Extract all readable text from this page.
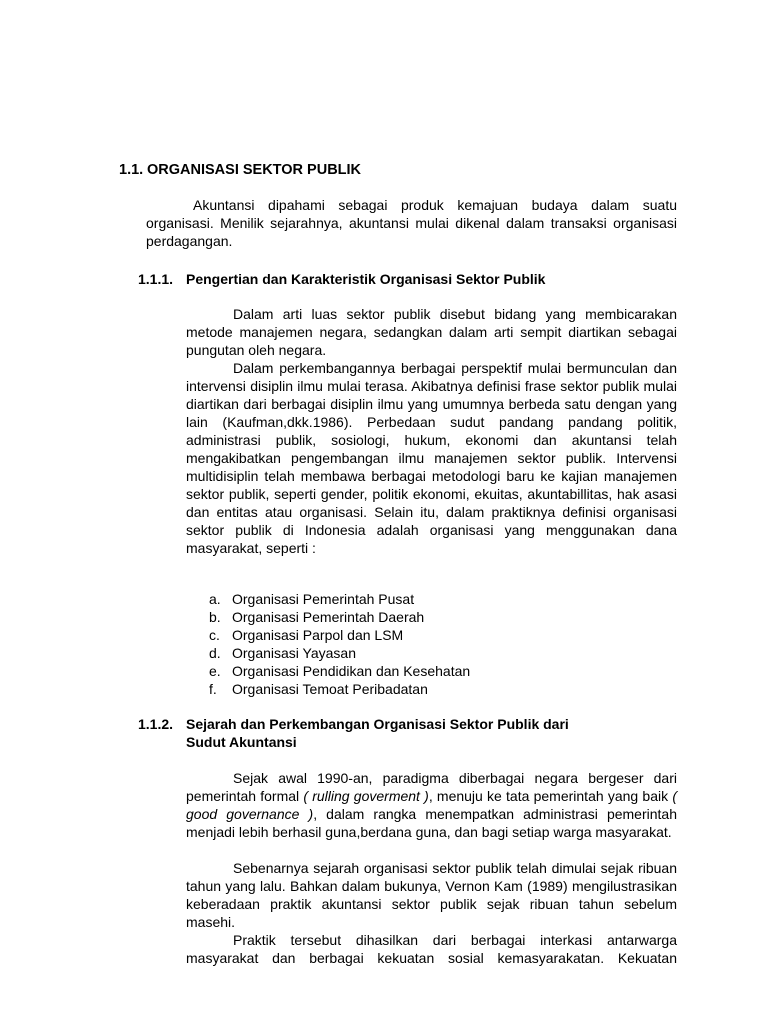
1.1. ORGANISASI SEKTOR PUBLIK
Akuntansi dipahami sebagai produk kemajuan budaya dalam suatu organisasi. Menilik sejarahnya, akuntansi mulai dikenal dalam transaksi organisasi perdagangan.
1.1.1. Pengertian dan Karakteristik Organisasi Sektor Publik
Dalam arti luas sektor publik disebut bidang yang membicarakan metode manajemen negara, sedangkan dalam arti sempit diartikan sebagai pungutan oleh negara.
Dalam perkembangannya berbagai perspektif mulai bermunculan dan intervensi disiplin ilmu mulai terasa. Akibatnya definisi frase sektor publik mulai diartikan dari berbagai disiplin ilmu yang umumnya berbeda satu dengan yang lain (Kaufman,dkk.1986). Perbedaan sudut pandang pandang politik, administrasi publik, sosiologi, hukum, ekonomi dan akuntansi telah mengakibatkan pengembangan ilmu manajemen sektor publik. Intervensi multidisiplin telah membawa berbagai metodologi baru ke kajian manajemen sektor publik, seperti gender, politik ekonomi, ekuitas, akuntabillitas, hak asasi dan entitas atau organisasi. Selain itu, dalam praktiknya definisi organisasi sektor publik di Indonesia adalah organisasi yang menggunakan dana masyarakat, seperti :
a. Organisasi Pemerintah Pusat
b. Organisasi Pemerintah Daerah
c. Organisasi Parpol dan LSM
d. Organisasi Yayasan
e. Organisasi Pendidikan dan Kesehatan
f.	Organisasi Temoat Peribadatan
1.1.2. Sejarah dan Perkembangan Organisasi Sektor Publik dari
Sudut Akuntansi
Sejak awal 1990-an, paradigma diberbagai negara bergeser dari pemerintah formal ( rulling goverment ), menuju ke tata pemerintah yang baik ( good governance ), dalam rangka menempatkan administrasi pemerintah menjadi lebih berhasil guna,berdana guna, dan bagi setiap warga masyarakat.
Sebenarnya sejarah organisasi sektor publik telah dimulai sejak ribuan tahun yang lalu. Bahkan dalam bukunya, Vernon Kam (1989) mengilustrasikan keberadaan praktik akuntansi sektor publik sejak ribuan tahun sebelum masehi.
Praktik tersebut dihasilkan dari berbagai interkasi antarwarga masyarakat dan berbagai kekuatan sosial kemasyarakatan. Kekuatan
